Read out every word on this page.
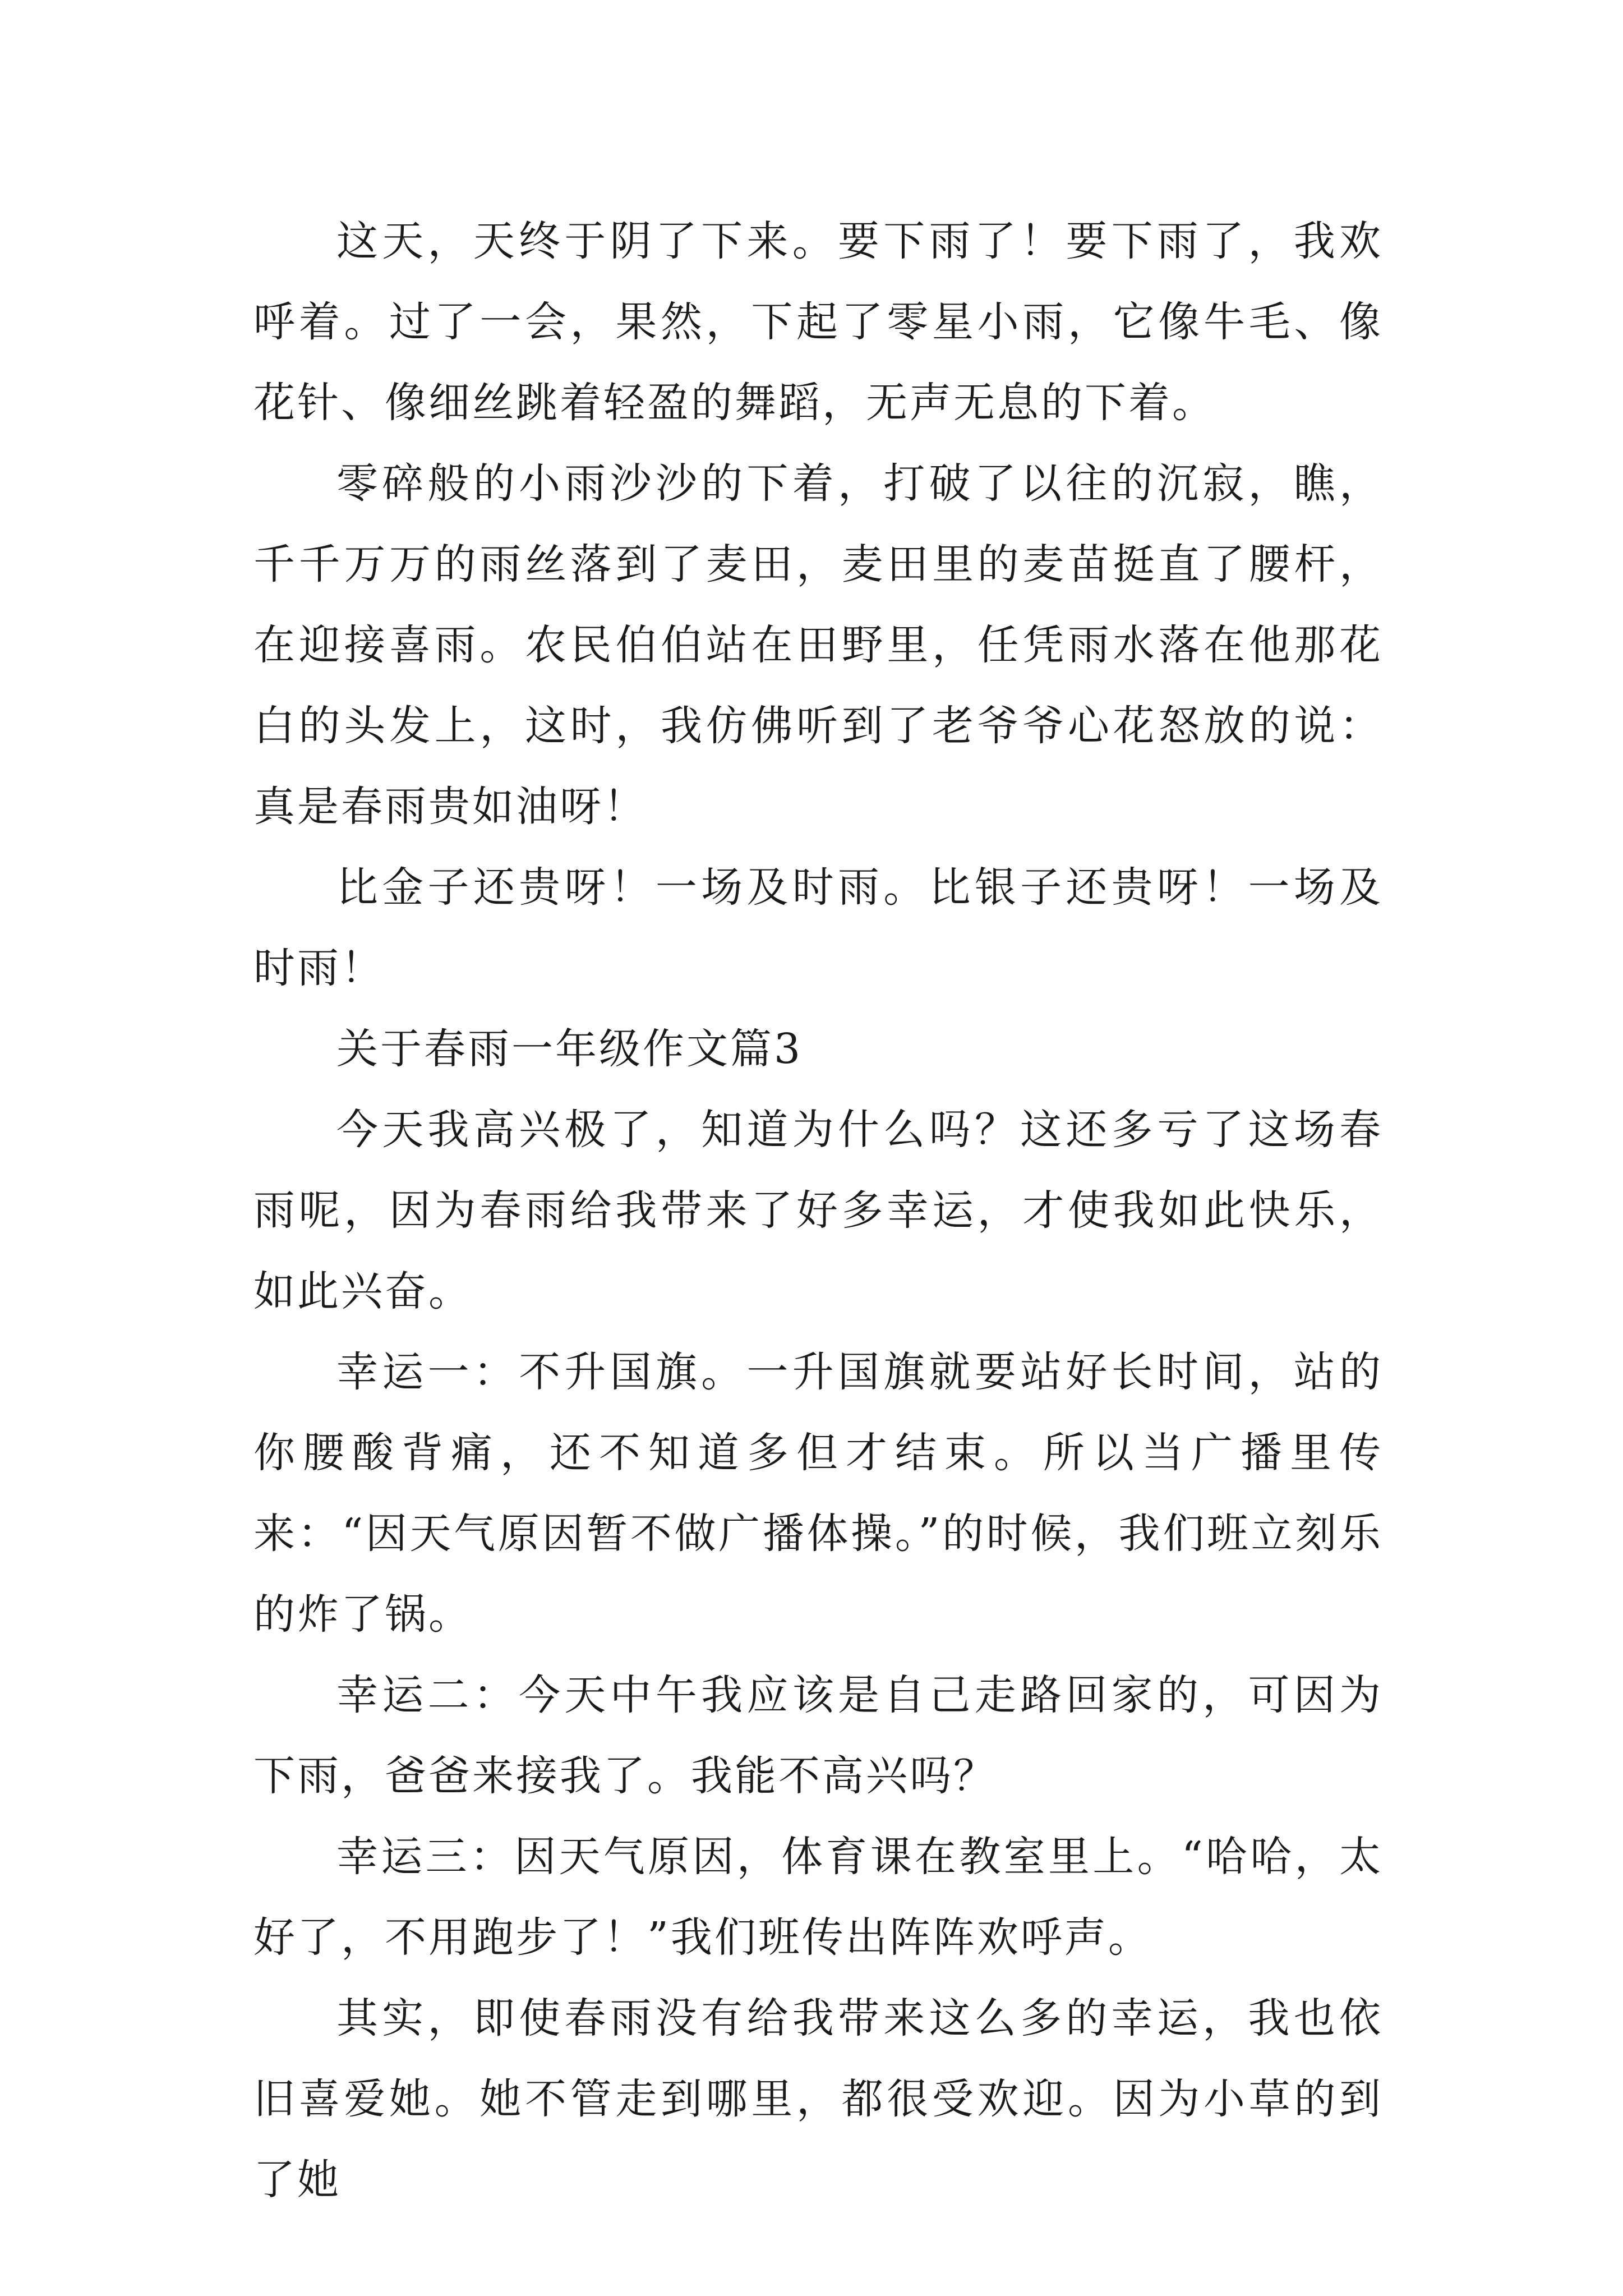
这天，天终于阴了下来。要下雨了！要下雨了，我欢呼着。过了一会，果然，下起了零星小雨，它像牛毛、像花针、像细丝跳着轻盈的舞蹈，无声无息的下着。

零碎般的小雨沙沙的下着，打破了以往的沉寂，瞧，千千万万的雨丝落到了麦田，麦田里的麦苗挺直了腰杆，在迎接喜雨。农民伯伯站在田野里，任凭雨水落在他那花白的头发上，这时，我仿佛听到了老爷爷心花怒放的说：真是春雨贵如油呀！

比金子还贵呀！一场及时雨。比银子还贵呀！一场及时雨！

关于春雨一年级作文篇3

今天我高兴极了，知道为什么吗？这还多亏了这场春雨呢，因为春雨给我带来了好多幸运，才使我如此快乐，如此兴奋。

幸运一：不升国旗。一升国旗就要站好长时间，站的你腰酸背痛，还不知道多但才结束。所以当广播里传来：“因天气原因暂不做广播体操。”的时候，我们班立刻乐的炸了锅。

幸运二：今天中午我应该是自己走路回家的，可因为下雨，爸爸来接我了。我能不高兴吗？

幸运三：因天气原因，体育课在教室里上。“哈哈，太好了，不用跑步了！”我们班传出阵阵欢呼声。

其实，即使春雨没有给我带来这么多的幸运，我也依旧喜爱她。她不管走到哪里，都很受欢迎。因为小草的到了她
